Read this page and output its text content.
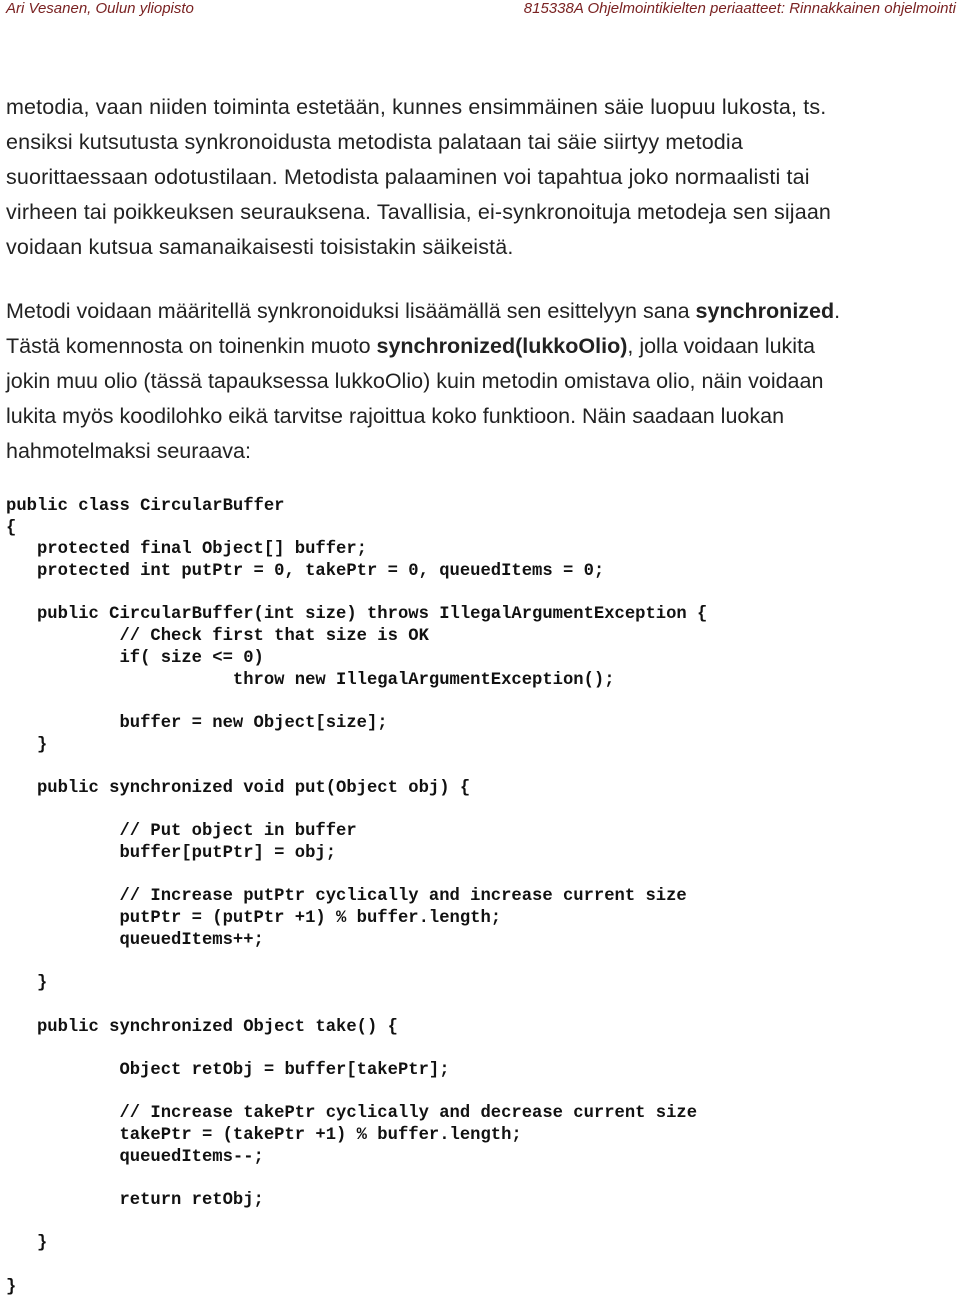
Ari Vesanen, Oulun yliopisto	815338A Ohjelmointikielten periaatteet: Rinnakkainen ohjelmointi

metodia, vaan niiden toiminta estetään, kunnes ensimmäinen säie luopuu lukosta, ts.
ensiksi kutsutusta synkronoidusta metodista palataan tai säie siirtyy metodia
suorittaessaan odotustilaan. Metodista palaaminen voi tapahtua joko normaalisti tai
virheen tai poikkeuksen seurauksena. Tavallisia, ei-synkronoituja metodeja sen sijaan
voidaan kutsua samanaikaisesti toisistakin säikeistä.

Metodi voidaan määritellä synkronoiduksi lisäämällä sen esittelyyn sana synchronized.
Tästä komennosta on toinenkin muoto synchronized(lukkoOlio), jolla voidaan lukita
jokin muu olio (tässä tapauksessa lukkoOlio) kuin metodin omistava olio, näin voidaan
lukita myös koodilohko eikä tarvitse rajoittua koko funktioon. Näin saadaan luokan
hahmotelmaksi seuraava:

public class CircularBuffer
{
protected final Object[] buffer;
protected int putPtr = 0, takePtr = 0, queuedItems = 0;
public CircularBuffer(int size) throws IllegalArgumentException {
// Check first that size is OK
if( size <= 0)
throw new IllegalArgumentException();
buffer = new Object[size];
}
public synchronized void put(Object obj) {
// Put object in buffer
buffer[putPtr] = obj;
// Increase putPtr cyclically and increase current size
putPtr = (putPtr +1) % buffer.length;
queuedItems++;
}
public synchronized Object take() {
Object retObj = buffer[takePtr];
// Increase takePtr cyclically and decrease current size
takePtr = (takePtr +1) % buffer.length;
queuedItems--;
return retObj;
}
}
